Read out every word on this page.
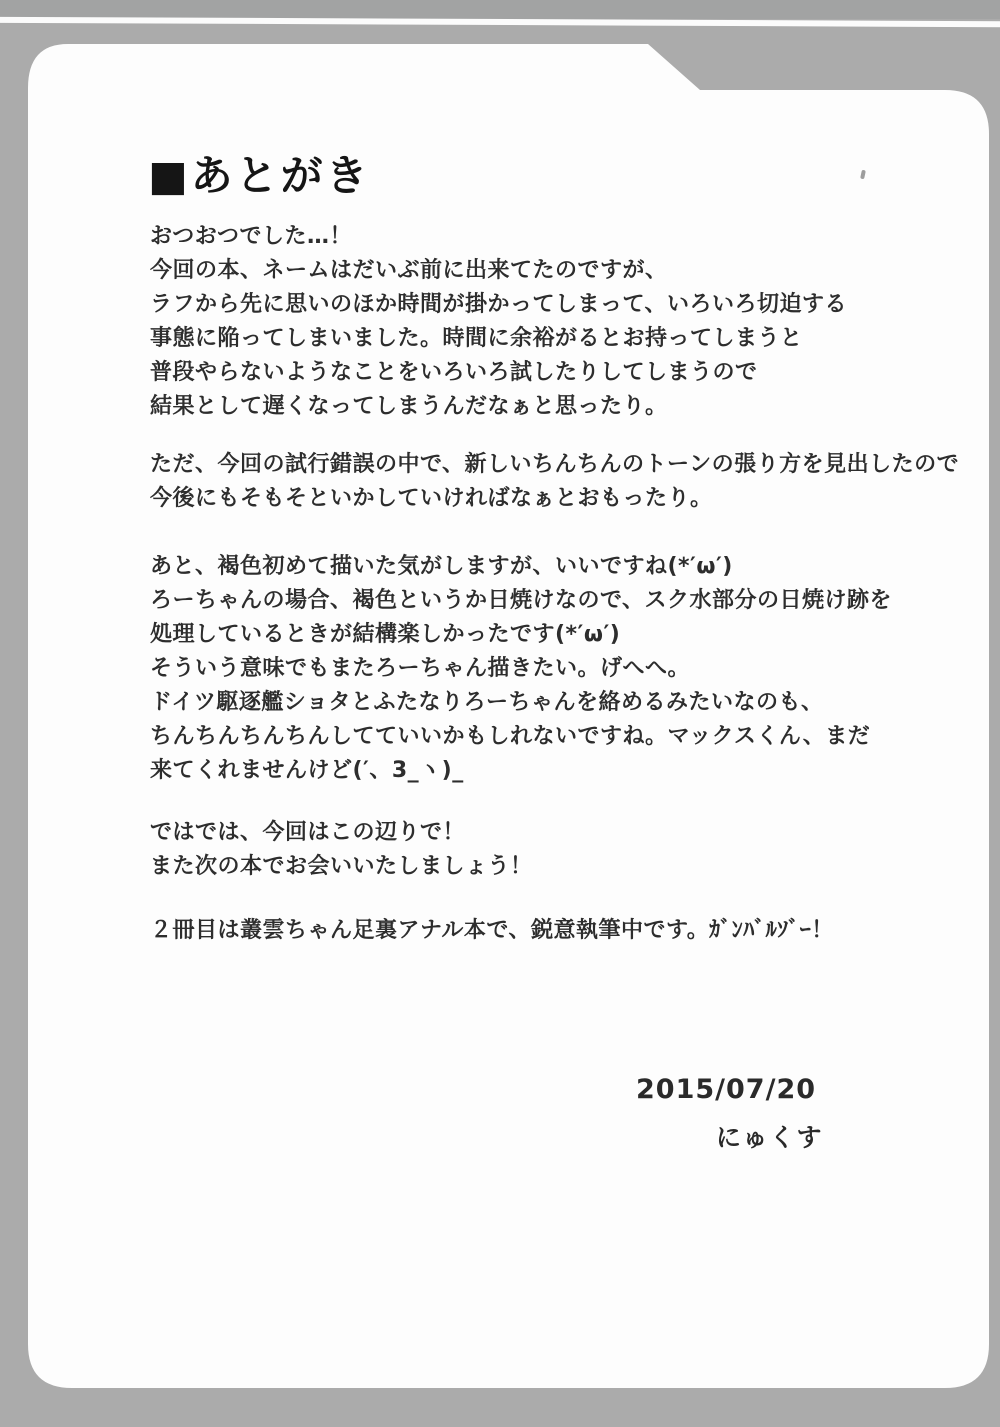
■あとがき
おつおつでした…！
今回の本、ネームはだいぶ前に出来てたのですが、
ラフから先に思いのほか時間が掛かってしまって、いろいろ切迫する
事態に陥ってしまいました。時間に余裕がるとお持ってしまうと
普段やらないようなことをいろいろ試したりしてしまうので
結果として遅くなってしまうんだなぁと思ったり。
ただ、今回の試行錯誤の中で、新しいちんちんのトーンの張り方を見出したので
今後にもそもそといかしていければなぁとおもったり。
あと、褐色初めて描いた気がしますが、いいですね(*′ω′)
ろーちゃんの場合、褐色というか日焼けなので、スク水部分の日焼け跡を
処理しているときが結構楽しかったです(*′ω′)
そういう意味でもまたろーちゃん描きたい。げへへ。
ドイツ駆逐艦ショタとふたなりろーちゃんを絡めるみたいなのも、
ちんちんちんちんしてていいかもしれないですね。マックスくん、まだ
来てくれませんけど(′、3_ヽ)_
ではでは、今回はこの辺りで！
また次の本でお会いいたしましょう！
２冊目は叢雲ちゃん足裏アナル本で、鋭意執筆中です。ｶﾞﾝﾊﾞﾙｿﾞｰ！
2015/07/20
にゅくす
